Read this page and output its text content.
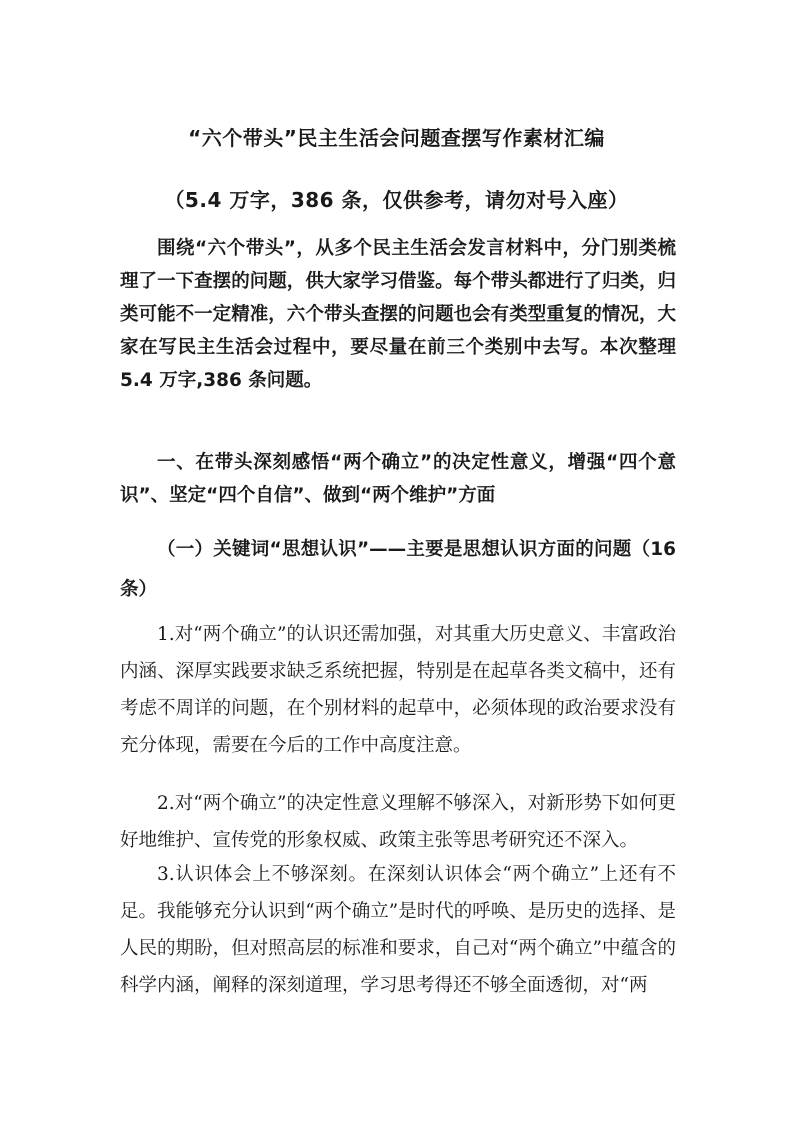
“六个带头”民主生活会问题查摆写作素材汇编
（5.4 万字，386 条，仅供参考，请勿对号入座）

围绕“六个带头”，从多个民主生活会发言材料中，分门别类梳理了一下查摆的问题，供大家学习借鉴。每个带头都进行了归类，归类可能不一定精准，六个带头查摆的问题也会有类型重复的情况，大家在写民主生活会过程中，要尽量在前三个类别中去写。本次整理 5.4 万字,386 条问题。

一、在带头深刻感悟“两个确立”的决定性意义，增强“四个意识”、坚定“四个自信”、做到“两个维护”方面

（一）关键词“思想认识”——主要是思想认识方面的问题（16 条）

1.对“两个确立”的认识还需加强，对其重大历史意义、丰富政治内涵、深厚实践要求缺乏系统把握，特别是在起草各类文稿中，还有考虑不周详的问题，在个别材料的起草中，必须体现的政治要求没有充分体现，需要在今后的工作中高度注意。

2.对“两个确立”的决定性意义理解不够深入，对新形势下如何更好地维护、宣传党的形象权威、政策主张等思考研究还不深入。

3.认识体会上不够深刻。在深刻认识体会“两个确立”上还有不足。我能够充分认识到“两个确立”是时代的呼唤、是历史的选择、是人民的期盼，但对照高层的标准和要求，自己对“两个确立”中蕴含的科学内涵，阐释的深刻道理，学习思考得还不够全面透彻，对“两
